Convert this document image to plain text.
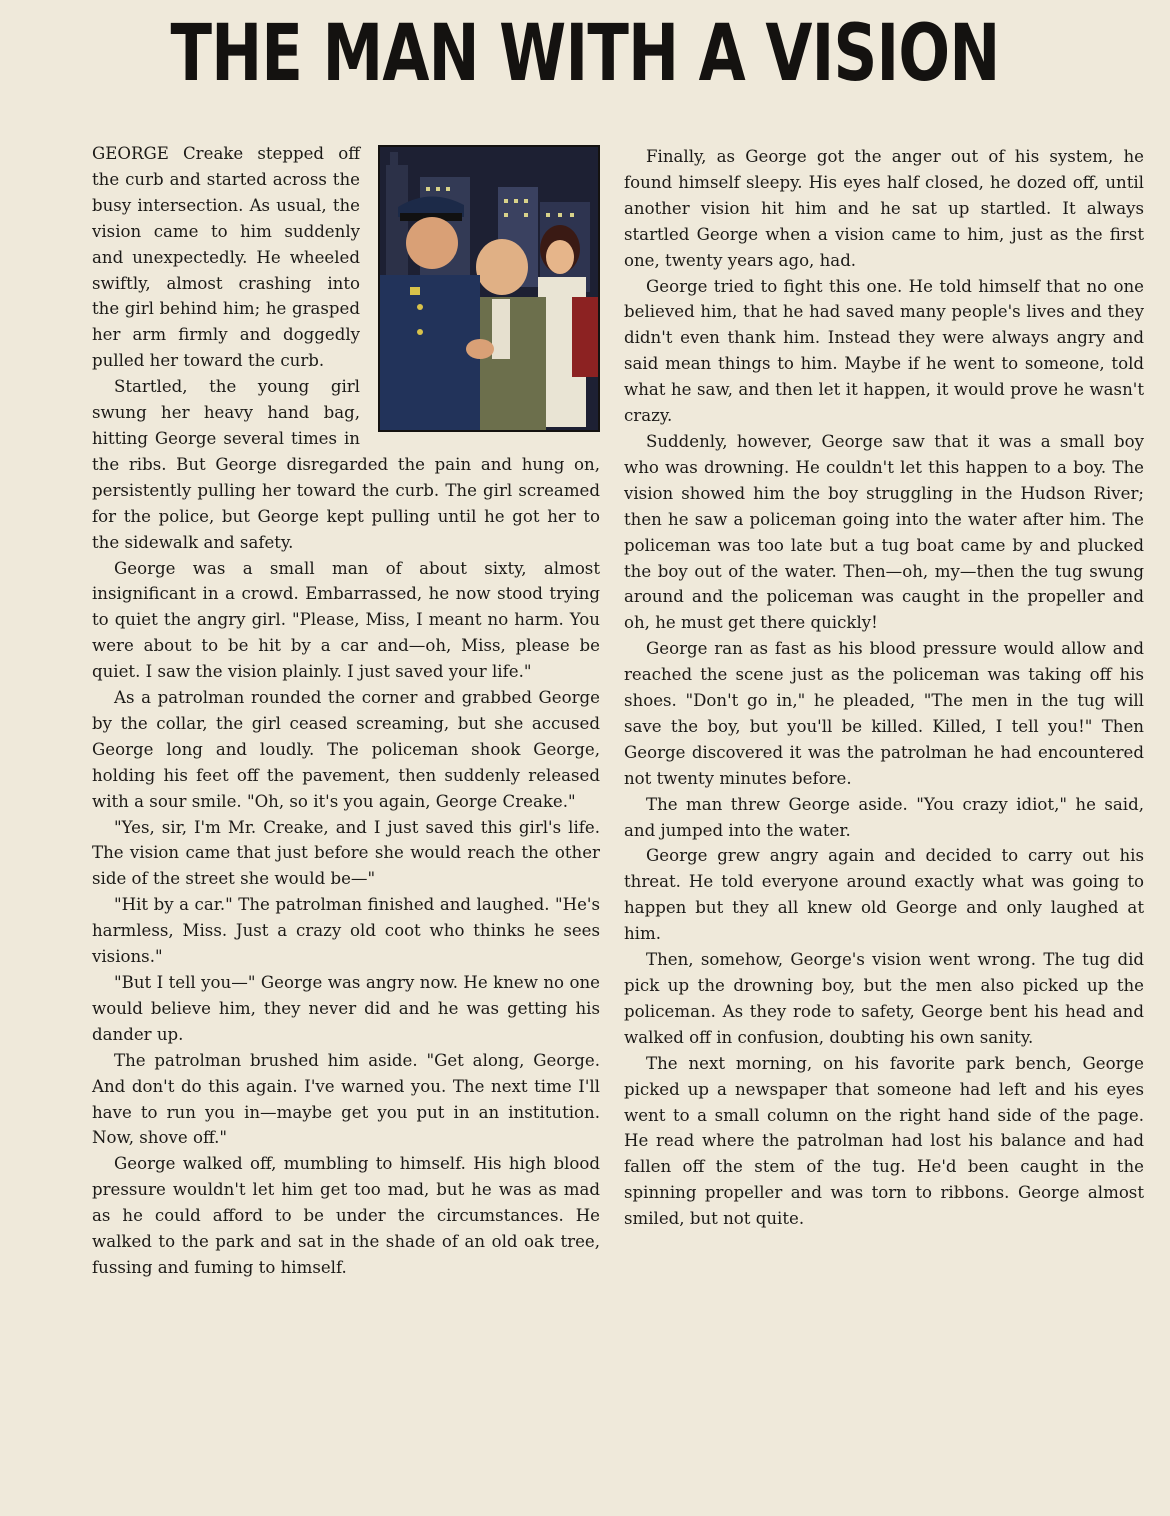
THE MAN WITH A VISION

GEORGE Creake stepped off the curb and started across the busy intersection. As usual, the vision came to him suddenly and unexpectedly. He wheeled swiftly, almost crashing into the girl behind him; he grasped her arm firmly and doggedly pulled her toward the curb.

Startled, the young girl swung her heavy hand bag, hitting George several times in the ribs. But George disregarded the pain and hung on, persistently pulling her toward the curb. The girl screamed for the police, but George kept pulling until he got her to the sidewalk and safety.

George was a small man of about sixty, almost insignificant in a crowd. Embarrassed, he now stood trying to quiet the angry girl. "Please, Miss, I meant no harm. You were about to be hit by a car and—oh, Miss, please be quiet. I saw the vision plainly. I just saved your life."

As a patrolman rounded the corner and grabbed George by the collar, the girl ceased screaming, but she accused George long and loudly. The policeman shook George, holding his feet off the pavement, then suddenly released with a sour smile. "Oh, so it's you again, George Creake."

"Yes, sir, I'm Mr. Creake, and I just saved this girl's life. The vision came that just before she would reach the other side of the street she would be—"

"Hit by a car." The patrolman finished and laughed. "He's harmless, Miss. Just a crazy old coot who thinks he sees visions."

"But I tell you—" George was angry now. He knew no one would believe him, they never did and he was getting his dander up.

The patrolman brushed him aside. "Get along, George. And don't do this again. I've warned you. The next time I'll have to run you in—maybe get you put in an institution. Now, shove off."

George walked off, mumbling to himself. His high blood pressure wouldn't let him get too mad, but he was as mad as he could afford to be under the circumstances. He walked to the park and sat in the shade of an old oak tree, fussing and fuming to himself.

Finally, as George got the anger out of his system, he found himself sleepy. His eyes half closed, he dozed off, until another vision hit him and he sat up startled. It always startled George when a vision came to him, just as the first one, twenty years ago, had.

George tried to fight this one. He told himself that no one believed him, that he had saved many people's lives and they didn't even thank him. Instead they were always angry and said mean things to him. Maybe if he went to someone, told what he saw, and then let it happen, it would prove he wasn't crazy.

Suddenly, however, George saw that it was a small boy who was drowning. He couldn't let this happen to a boy. The vision showed him the boy struggling in the Hudson River; then he saw a policeman going into the water after him. The policeman was too late but a tug boat came by and plucked the boy out of the water. Then—oh, my—then the tug swung around and the policeman was caught in the propeller and oh, he must get there quickly!

George ran as fast as his blood pressure would allow and reached the scene just as the policeman was taking off his shoes. "Don't go in," he pleaded, "The men in the tug will save the boy, but you'll be killed. Killed, I tell you!" Then George discovered it was the patrolman he had encountered not twenty minutes before.

The man threw George aside. "You crazy idiot," he said, and jumped into the water.

George grew angry again and decided to carry out his threat. He told everyone around exactly what was going to happen but they all knew old George and only laughed at him.

Then, somehow, George's vision went wrong. The tug did pick up the drowning boy, but the men also picked up the policeman. As they rode to safety, George bent his head and walked off in confusion, doubting his own sanity.

The next morning, on his favorite park bench, George picked up a newspaper that someone had left and his eyes went to a small column on the right hand side of the page. He read where the patrolman had lost his balance and had fallen off the stem of the tug. He'd been caught in the spinning propeller and was torn to ribbons. George almost smiled, but not quite.
